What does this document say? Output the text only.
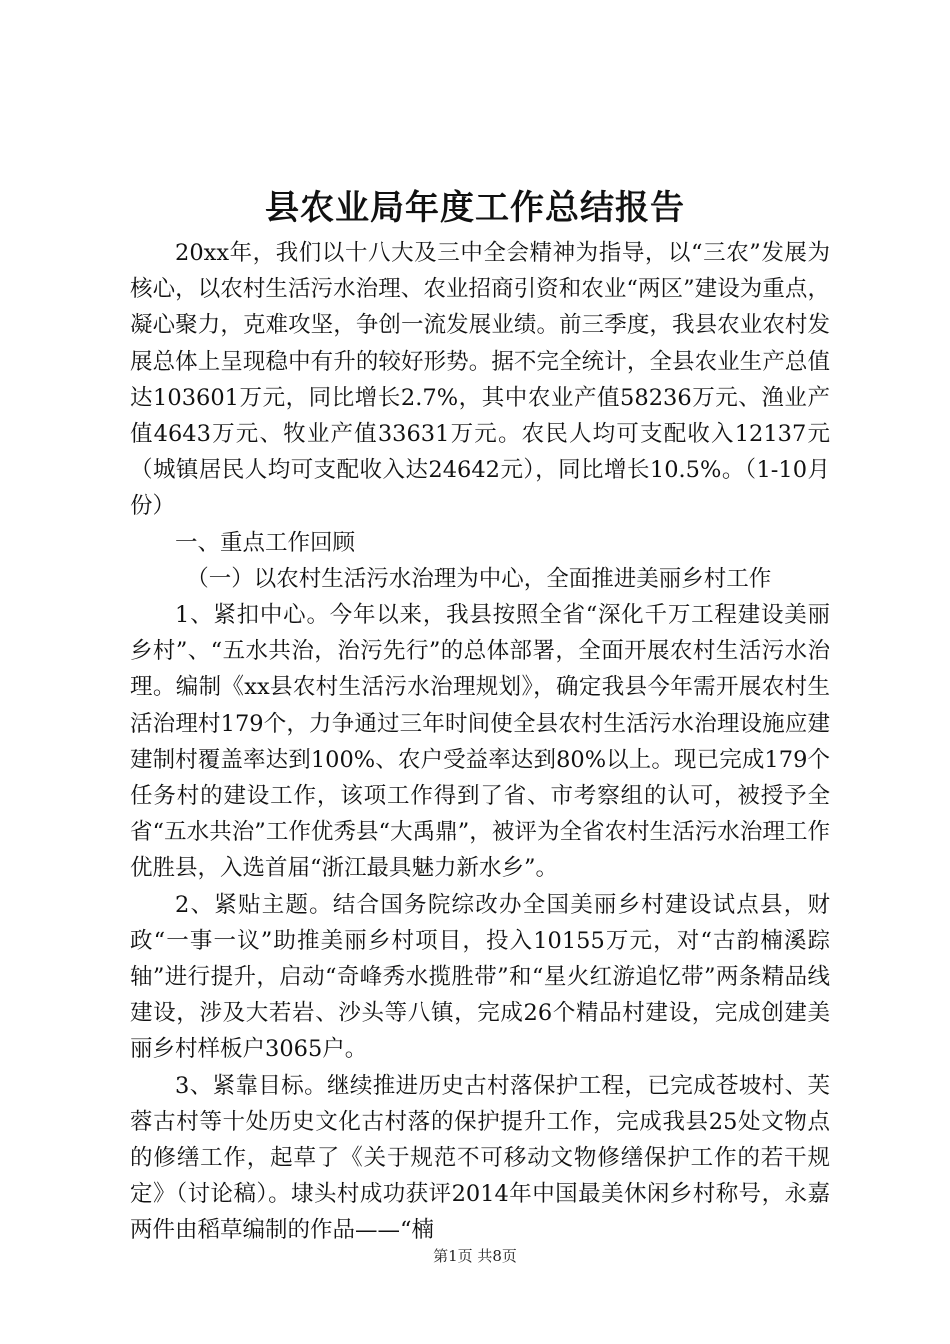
县农业局年度工作总结报告

20xx年，我们以十八大及三中全会精神为指导，以“三农”发展为核心，以农村生活污水治理、农业招商引资和农业“两区”建设为重点，凝心聚力，克难攻坚，争创一流发展业绩。前三季度，我县农业农村发展总体上呈现稳中有升的较好形势。据不完全统计，全县农业生产总值达103601万元，同比增长2.7%，其中农业产值58236万元、渔业产值4643万元、牧业产值33631万元。农民人均可支配收入12137元（城镇居民人均可支配收入达24642元），同比增长10.5%。（1-10月份）

一、重点工作回顾

（一）以农村生活污水治理为中心，全面推进美丽乡村工作

1、紧扣中心。今年以来，我县按照全省“深化千万工程建设美丽乡村”、“五水共治，治污先行”的总体部署，全面开展农村生活污水治理。编制《xx县农村生活污水治理规划》，确定我县今年需开展农村生活治理村179个，力争通过三年时间使全县农村生活污水治理设施应建建制村覆盖率达到100%、农户受益率达到80%以上。现已完成179个任务村的建设工作，该项工作得到了省、市考察组的认可，被授予全省“五水共治”工作优秀县“大禹鼎”，被评为全省农村生活污水治理工作优胜县，入选首届“浙江最具魅力新水乡”。

2、紧贴主题。结合国务院综改办全国美丽乡村建设试点县，财政“一事一议”助推美丽乡村项目，投入10155万元，对“古韵楠溪踪轴”进行提升，启动“奇峰秀水揽胜带”和“星火红游追忆带”两条精品线建设，涉及大若岩、沙头等八镇，完成26个精品村建设，完成创建美丽乡村样板户3065户。

3、紧靠目标。继续推进历史古村落保护工程，已完成苍坡村、芙蓉古村等十处历史文化古村落的保护提升工作，完成我县25处文物点的修缮工作，起草了《关于规范不可移动文物修缮保护工作的若干规定》（讨论稿）。埭头村成功获评2014年中国最美休闲乡村称号，永嘉两件由稻草编制的作品——“楠

第1页 共8页
